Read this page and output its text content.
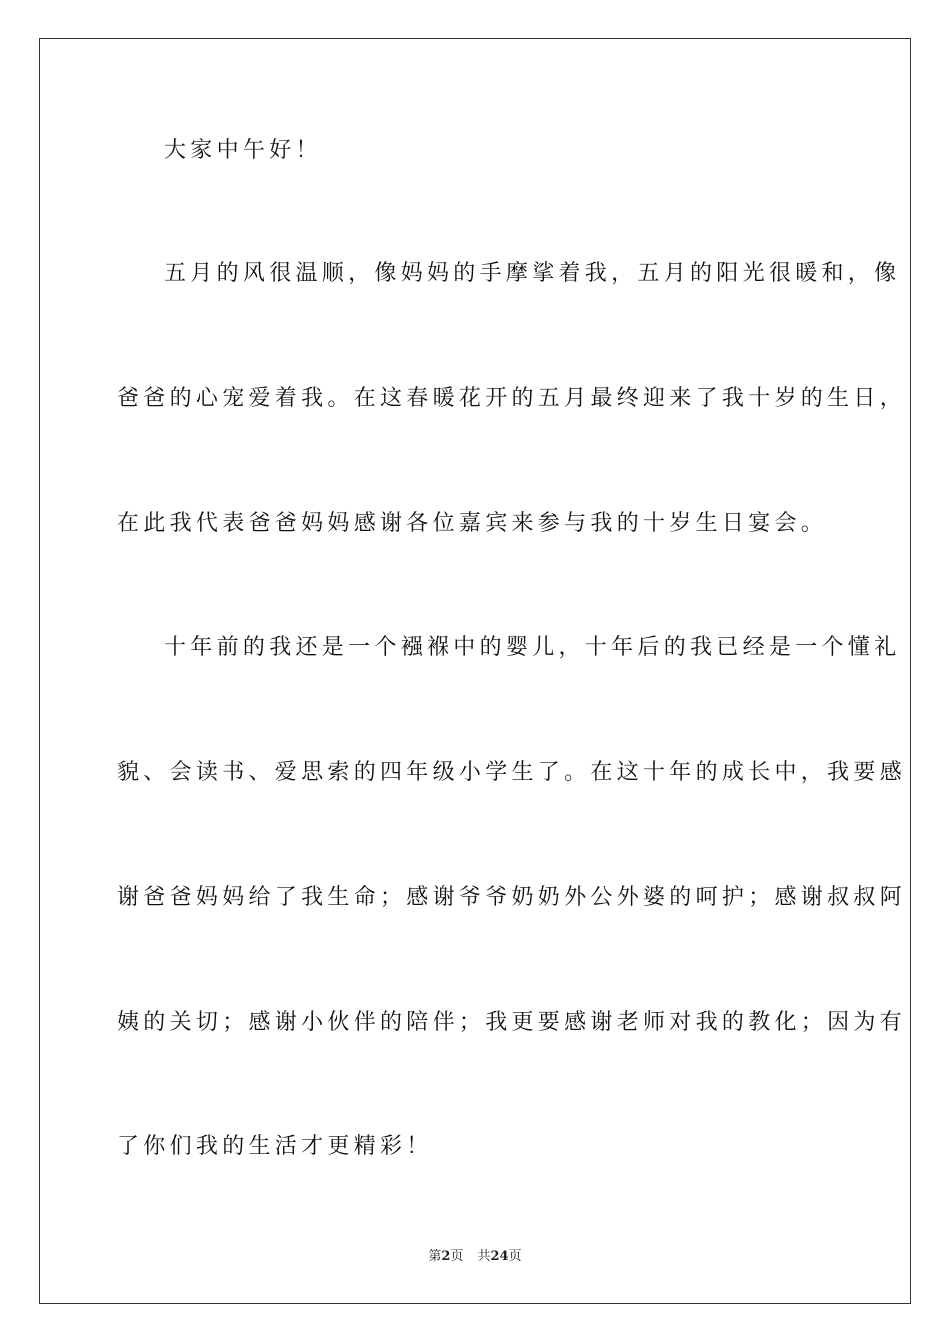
大家中午好！
五月的风很温顺，像妈妈的手摩挲着我，五月的阳光很暖和，像
爸爸的心宠爱着我。在这春暖花开的五月最终迎来了我十岁的生日，
在此我代表爸爸妈妈感谢各位嘉宾来参与我的十岁生日宴会。
十年前的我还是一个襁褓中的婴儿，十年后的我已经是一个懂礼
貌、会读书、爱思索的四年级小学生了。在这十年的成长中，我要感
谢爸爸妈妈给了我生命；感谢爷爷奶奶外公外婆的呵护；感谢叔叔阿
姨的关切；感谢小伙伴的陪伴；我更要感谢老师对我的教化；因为有
了你们我的生活才更精彩！
第2页 共24页
